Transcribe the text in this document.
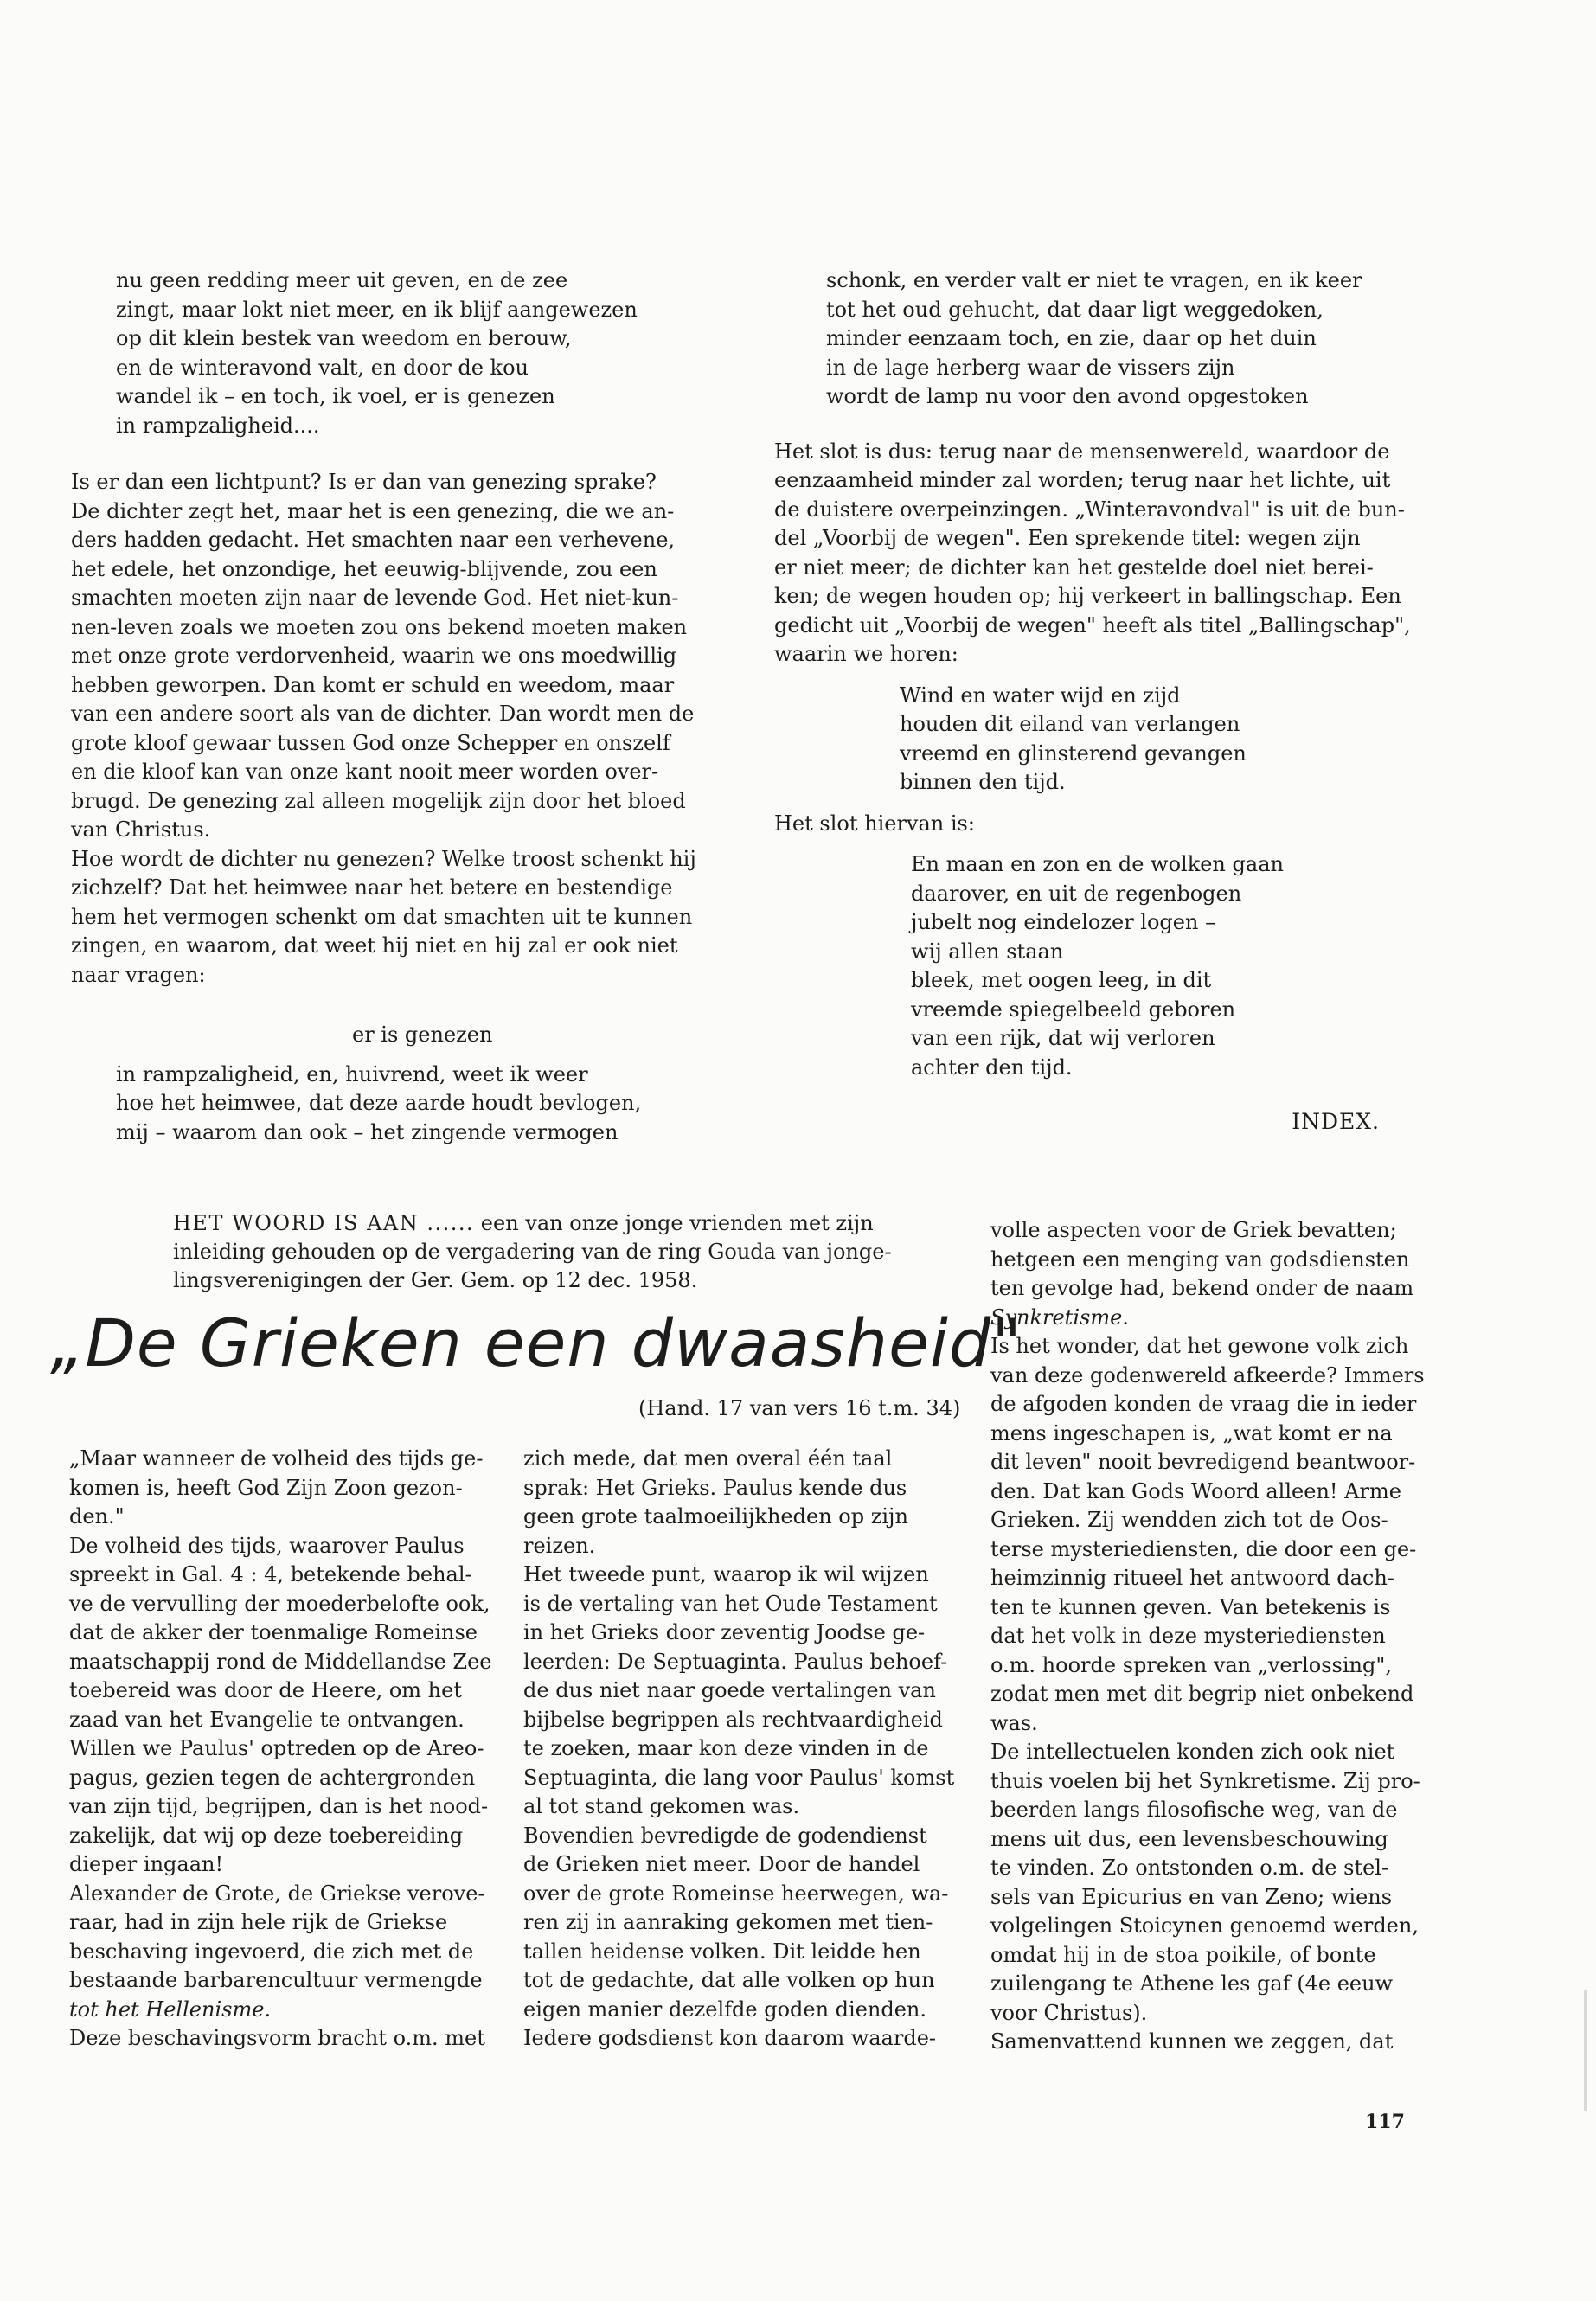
nu geen redding meer uit geven, en de zee

zingt, maar lokt niet meer, en ik blijf aangewezen

op dit klein bestek van weedom en berouw,

en de winteravond valt, en door de kou

wandel ik – en toch, ik voel, er is genezen

in rampzaligheid....

Is er dan een lichtpunt? Is er dan van genezing sprake?

De dichter zegt het, maar het is een genezing, die we an-

ders hadden gedacht. Het smachten naar een verhevene,

het edele, het onzondige, het eeuwig-blijvende, zou een

smachten moeten zijn naar de levende God. Het niet-kun-

nen-leven zoals we moeten zou ons bekend moeten maken

met onze grote verdorvenheid, waarin we ons moedwillig

hebben geworpen. Dan komt er schuld en weedom, maar

van een andere soort als van de dichter. Dan wordt men de

grote kloof gewaar tussen God onze Schepper en onszelf

en die kloof kan van onze kant nooit meer worden over-

brugd. De genezing zal alleen mogelijk zijn door het bloed

van Christus.

Hoe wordt de dichter nu genezen? Welke troost schenkt hij

zichzelf? Dat het heimwee naar het betere en bestendige

hem het vermogen schenkt om dat smachten uit te kunnen

zingen, en waarom, dat weet hij niet en hij zal er ook niet

naar vragen:

er is genezen

in rampzaligheid, en, huivrend, weet ik weer

hoe het heimwee, dat deze aarde houdt bevlogen,

mij – waarom dan ook – het zingende vermogen

schonk, en verder valt er niet te vragen, en ik keer

tot het oud gehucht, dat daar ligt weggedoken,

minder eenzaam toch, en zie, daar op het duin

in de lage herberg waar de vissers zijn

wordt de lamp nu voor den avond opgestoken

Het slot is dus: terug naar de mensenwereld, waardoor de

eenzaamheid minder zal worden; terug naar het lichte, uit

de duistere overpeinzingen. „Winteravondval" is uit de bun-

del „Voorbij de wegen". Een sprekende titel: wegen zijn

er niet meer; de dichter kan het gestelde doel niet berei-

ken; de wegen houden op; hij verkeert in ballingschap. Een

gedicht uit „Voorbij de wegen" heeft als titel „Ballingschap",

waarin we horen:

Wind en water wijd en zijd

houden dit eiland van verlangen

vreemd en glinsterend gevangen

binnen den tijd.

Het slot hiervan is:

En maan en zon en de wolken gaan

daarover, en uit de regenbogen

jubelt nog eindelozer logen –

wij allen staan

bleek, met oogen leeg, in dit

vreemde spiegelbeeld geboren

van een rijk, dat wij verloren

achter den tijd.

INDEX.

HET WOORD IS AAN ...... een van onze jonge vrienden met zijn

inleiding gehouden op de vergadering van de ring Gouda van jonge-

lingsverenigingen der Ger. Gem. op 12 dec. 1958.

„De Grieken een dwaasheid"
(Hand. 17 van vers 16 t.m. 34)

„Maar wanneer de volheid des tijds ge-

komen is, heeft God Zijn Zoon gezon-

den."

De volheid des tijds, waarover Paulus

spreekt in Gal. 4 : 4, betekende behal-

ve de vervulling der moederbelofte ook,

dat de akker der toenmalige Romeinse

maatschappij rond de Middellandse Zee

toebereid was door de Heere, om het

zaad van het Evangelie te ontvangen.

Willen we Paulus' optreden op de Areo-

pagus, gezien tegen de achtergronden

van zijn tijd, begrijpen, dan is het nood-

zakelijk, dat wij op deze toebereiding

dieper ingaan!

Alexander de Grote, de Griekse verove-

raar, had in zijn hele rijk de Griekse

beschaving ingevoerd, die zich met de

bestaande barbarencultuur vermengde

tot het Hellenisme.

Deze beschavingsvorm bracht o.m. met

zich mede, dat men overal één taal

sprak: Het Grieks. Paulus kende dus

geen grote taalmoeilijkheden op zijn

reizen.

Het tweede punt, waarop ik wil wijzen

is de vertaling van het Oude Testament

in het Grieks door zeventig Joodse ge-

leerden: De Septuaginta. Paulus behoef-

de dus niet naar goede vertalingen van

bijbelse begrippen als rechtvaardigheid

te zoeken, maar kon deze vinden in de

Septuaginta, die lang voor Paulus' komst

al tot stand gekomen was.

Bovendien bevredigde de godendienst

de Grieken niet meer. Door de handel

over de grote Romeinse heerwegen, wa-

ren zij in aanraking gekomen met tien-

tallen heidense volken. Dit leidde hen

tot de gedachte, dat alle volken op hun

eigen manier dezelfde goden dienden.

Iedere godsdienst kon daarom waarde-

volle aspecten voor de Griek bevatten;

hetgeen een menging van godsdiensten

ten gevolge had, bekend onder de naam

Synkretisme.

Is het wonder, dat het gewone volk zich

van deze godenwereld afkeerde? Immers

de afgoden konden de vraag die in ieder

mens ingeschapen is, „wat komt er na

dit leven" nooit bevredigend beantwoor-

den. Dat kan Gods Woord alleen! Arme

Grieken. Zij wendden zich tot de Oos-

terse mysteriediensten, die door een ge-

heimzinnig ritueel het antwoord dach-

ten te kunnen geven. Van betekenis is

dat het volk in deze mysteriediensten

o.m. hoorde spreken van „verlossing",

zodat men met dit begrip niet onbekend

was.

De intellectuelen konden zich ook niet

thuis voelen bij het Synkretisme. Zij pro-

beerden langs filosofische weg, van de

mens uit dus, een levensbeschouwing

te vinden. Zo ontstonden o.m. de stel-

sels van Epicurius en van Zeno; wiens

volgelingen Stoicynen genoemd werden,

omdat hij in de stoa poikile, of bonte

zuilengang te Athene les gaf (4e eeuw

voor Christus).

Samenvattend kunnen we zeggen, dat

117
